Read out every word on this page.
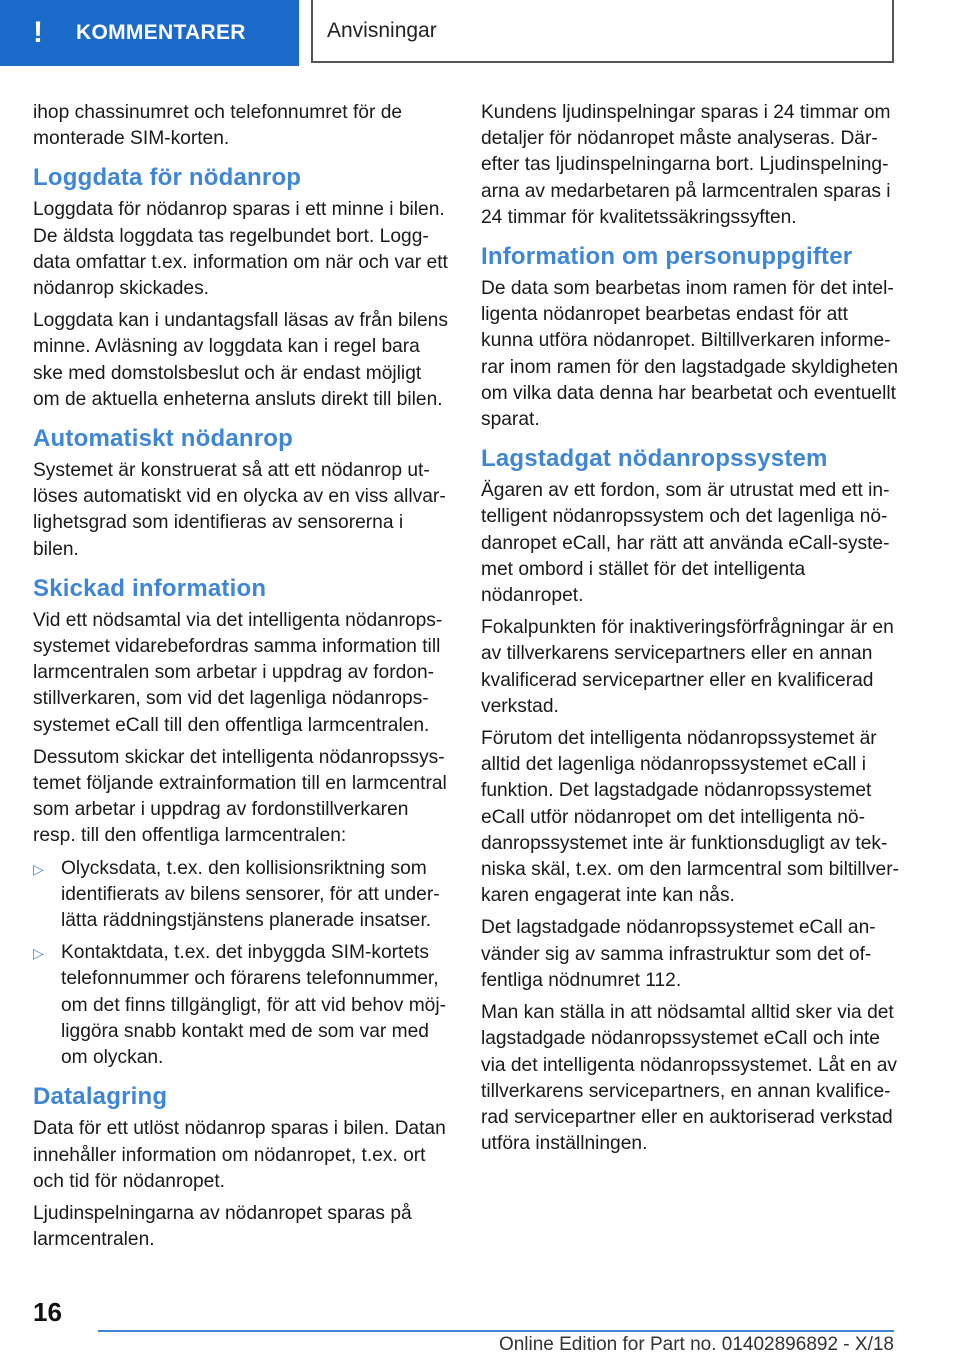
!	KOMMENTARER	Anvisningar

ihop chassinumret och telefonnumret för de monterade SIM-korten.

Loggdata för nödanrop

Loggdata för nödanrop sparas i ett minne i bilen. De äldsta loggdata tas regelbundet bort. Loggdata omfattar t.ex. information om när och var ett nödanrop skickades.

Loggdata kan i undantagsfall läsas av från bilens minne. Avläsning av loggdata kan i regel bara ske med domstolsbeslut och är endast möjligt om de aktuella enheterna ansluts direkt till bilen.

Automatiskt nödanrop

Systemet är konstruerat så att ett nödanrop utlöses automatiskt vid en olycka av en viss allvarlighetsgrad som identifieras av sensorerna i bilen.

Skickad information

Vid ett nödsamtal via det intelligenta nödanropssystemet vidarebefordras samma information till larmcentralen som arbetar i uppdrag av fordonstillverkaren, som vid det lagenliga nödanropssystemet eCall till den offentliga larmcentralen.

Dessutom skickar det intelligenta nödanropssystemet följande extrainformation till en larmcentral som arbetar i uppdrag av fordonstillverkaren resp. till den offentliga larmcentralen:

▷ Olycksdata, t.ex. den kollisionsriktning som identifierats av bilens sensorer, för att underlätta räddningstjänstens planerade insatser.
▷ Kontaktdata, t.ex. det inbyggda SIM-kortets telefonnummer och förarens telefonnummer, om det finns tillgängligt, för att vid behov möjliggöra snabb kontakt med de som var med om olyckan.
Datalagring

Data för ett utlöst nödanrop sparas i bilen. Datan innehåller information om nödanropet, t.ex. ort och tid för nödanropet.

Ljudinspelningarna av nödanropet sparas på larmcentralen.

Kundens ljudinspelningar sparas i 24 timmar om detaljer för nödanropet måste analyseras. Därefter tas ljudinspelningarna bort. Ljudinspelningarna av medarbetaren på larmcentralen sparas i 24 timmar för kvalitetssäkringssyften.

Information om personuppgifter

De data som bearbetas inom ramen för det intelligenta nödanropet bearbetas endast för att kunna utföra nödanropet. Biltillverkaren informerar inom ramen för den lagstadgade skyldigheten om vilka data denna har bearbetat och eventuellt sparat.

Lagstadgat nödanropssystem

Ägaren av ett fordon, som är utrustat med ett intelligent nödanropssystem och det lagenliga nödanropet eCall, har rätt att använda eCall-systemet ombord i stället för det intelligenta nödanropet.

Fokalpunkten för inaktiveringsförfrågningar är en av tillverkarens servicepartners eller en annan kvalificerad servicepartner eller en kvalificerad verkstad.

Förutom det intelligenta nödanropssystemet är alltid det lagenliga nödanropssystemet eCall i funktion. Det lagstadgade nödanropssystemet eCall utför nödanropet om det intelligenta nödanropssystemet inte är funktionsdugligt av tekniska skäl, t.ex. om den larmcentral som biltillverkaren engagerat inte kan nås.

Det lagstadgade nödanropssystemet eCall använder sig av samma infrastruktur som det offentliga nödnumret 112.

Man kan ställa in att nödsamtal alltid sker via det lagstadgade nödanropssystemet eCall och inte via det intelligenta nödanropssystemet. Låt en av tillverkarens servicepartners, en annan kvalificerad servicepartner eller en auktoriserad verkstad utföra inställningen.

16
Online Edition for Part no. 01402896892 - X/18
